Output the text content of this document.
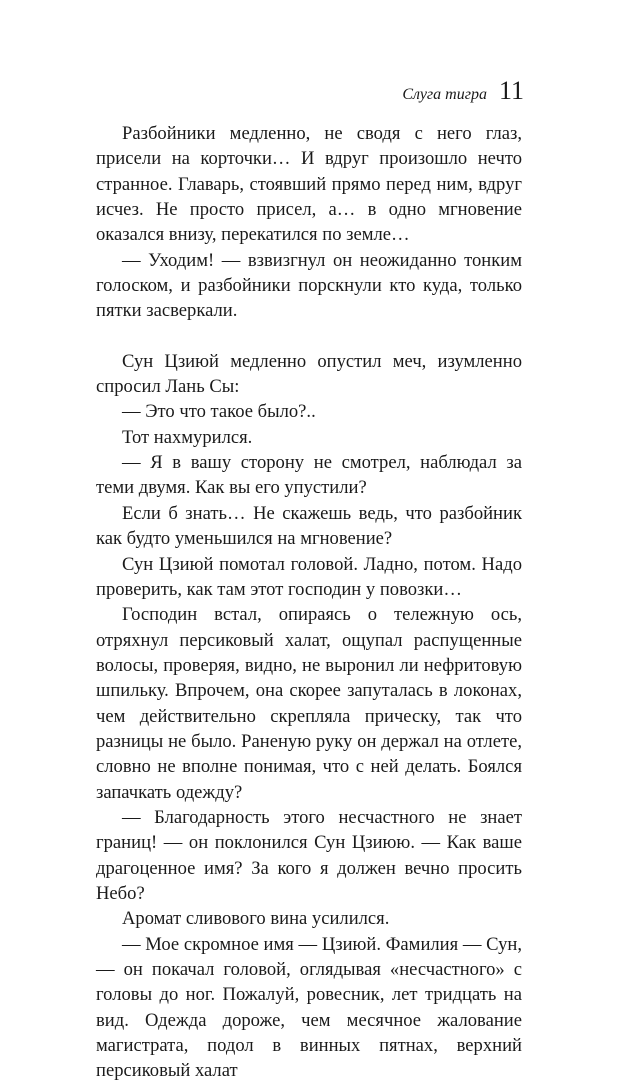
Слуга тигра 11

Разбойники медленно, не сводя с него глаз, присели на корточки… И вдруг произошло нечто странное. Главарь, стоявший прямо перед ним, вдруг исчез. Не просто присел, а… в одно мгновение оказался внизу, перекатился по земле…

— Уходим! — взвизгнул он неожиданно тонким голоском, и разбойники порскнули кто куда, только пятки засверкали.

Сун Цзиюй медленно опустил меч, изумленно спросил Лань Сы:

— Это что такое было?..

Тот нахмурился.

— Я в вашу сторону не смотрел, наблюдал за теми двумя. Как вы его упустили?

Если б знать… Не скажешь ведь, что разбойник как будто уменьшился на мгновение?

Сун Цзиюй помотал головой. Ладно, потом. Надо проверить, как там этот господин у повозки…

Господин встал, опираясь о тележную ось, отряхнул персиковый халат, ощупал распущенные волосы, проверяя, видно, не выронил ли нефритовую шпильку. Впрочем, она скорее запуталась в локонах, чем действительно скрепляла прическу, так что разницы не было. Раненую руку он держал на отлете, словно не вполне понимая, что с ней делать. Боялся запачкать одежду?

— Благодарность этого несчастного не знает границ! — он поклонился Сун Цзиюю. — Как ваше драгоценное имя? За кого я должен вечно просить Небо?

Аромат сливового вина усилился.

— Мое скромное имя — Цзиюй. Фамилия — Сун, — он покачал головой, оглядывая «несчастного» с головы до ног. Пожалуй, ровесник, лет тридцать на вид. Одежда дороже, чем месячное жалование магистрата, подол в винных пятнах, верхний персиковый халат
